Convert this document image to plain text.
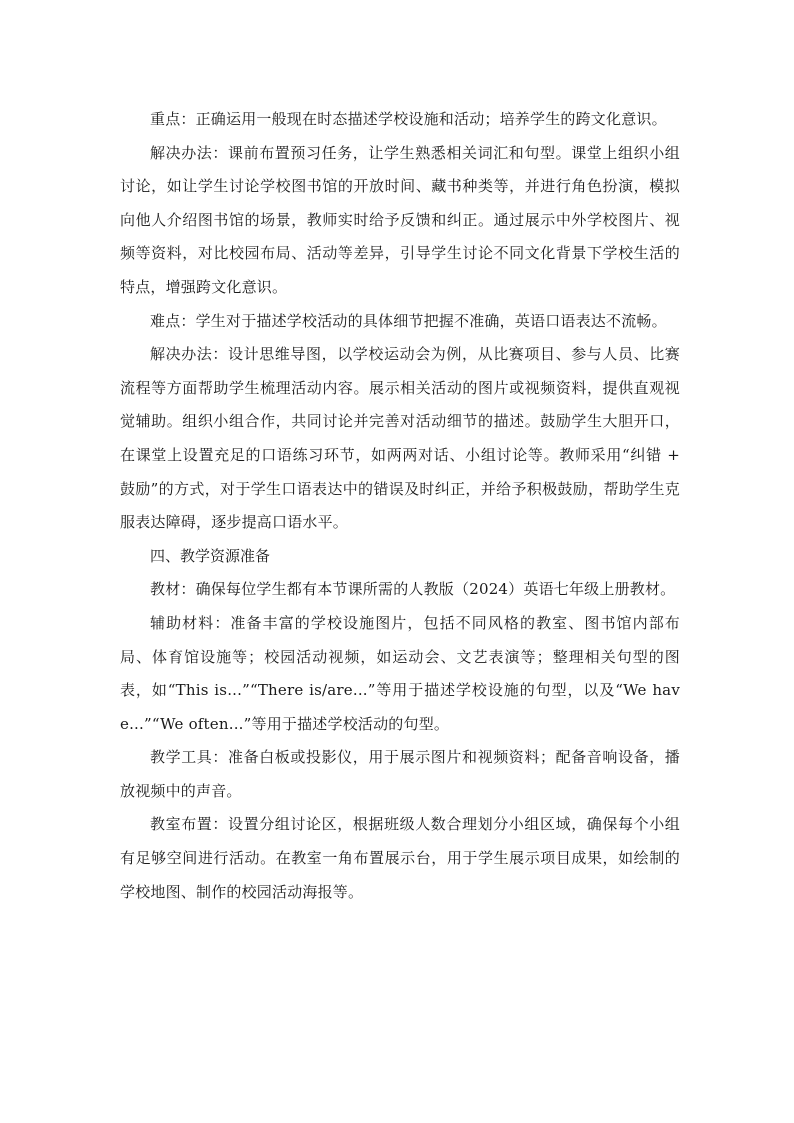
重点：正确运用一般现在时态描述学校设施和活动；培养学生的跨文化意识。

解决办法：课前布置预习任务，让学生熟悉相关词汇和句型。课堂上组织小组讨论，如让学生讨论学校图书馆的开放时间、藏书种类等，并进行角色扮演，模拟向他人介绍图书馆的场景，教师实时给予反馈和纠正。通过展示中外学校图片、视频等资料，对比校园布局、活动等差异，引导学生讨论不同文化背景下学校生活的特点，增强跨文化意识。

难点：学生对于描述学校活动的具体细节把握不准确，英语口语表达不流畅。

解决办法：设计思维导图，以学校运动会为例，从比赛项目、参与人员、比赛流程等方面帮助学生梳理活动内容。展示相关活动的图片或视频资料，提供直观视觉辅助。组织小组合作，共同讨论并完善对活动细节的描述。鼓励学生大胆开口，在课堂上设置充足的口语练习环节，如两两对话、小组讨论等。教师采用“纠错 + 鼓励”的方式，对于学生口语表达中的错误及时纠正，并给予积极鼓励，帮助学生克服表达障碍，逐步提高口语水平。

四、教学资源准备

教材：确保每位学生都有本节课所需的人教版（2024）英语七年级上册教材。

辅助材料：准备丰富的学校设施图片，包括不同风格的教室、图书馆内部布局、体育馆设施等；校园活动视频，如运动会、文艺表演等；整理相关句型的图表，如“This is...”“There is/are...”等用于描述学校设施的句型，以及“We have...”“We often...”等用于描述学校活动的句型。

教学工具：准备白板或投影仪，用于展示图片和视频资料；配备音响设备，播放视频中的声音。

教室布置：设置分组讨论区，根据班级人数合理划分小组区域，确保每个小组有足够空间进行活动。在教室一角布置展示台，用于学生展示项目成果，如绘制的学校地图、制作的校园活动海报等。
